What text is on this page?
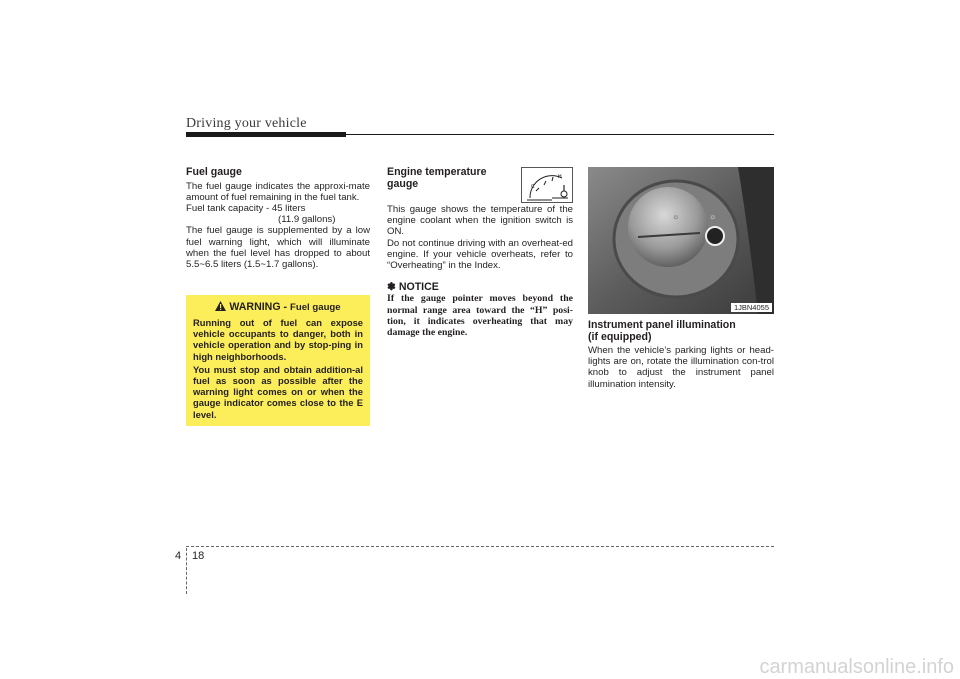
Driving your vehicle

Fuel gauge

The fuel gauge indicates the approxi-mate amount of fuel remaining in the fuel tank.

Fuel tank capacity - 45 liters

(11.9 gallons)

The fuel gauge is supplemented by a low fuel warning light, which will illuminate when the fuel level has dropped to about 5.5~6.5 liters (1.5~1.7 gallons).

WARNING - Fuel gauge

Running out of fuel can expose vehicle occupants to danger, both in vehicle operation and by stop-ping in high neighborhoods.

You must stop and obtain addition-al fuel as soon as possible after the warning light comes on or when the gauge indicator comes close to the E level.

C
H

Engine temperature

gauge

This gauge shows the temperature of the engine coolant when the ignition switch is ON.

Do not continue driving with an overheat-ed engine. If your vehicle overheats, refer to “Overheating” in the Index.

✽ NOTICE

If the gauge pointer moves beyond the normal range area toward the “H” posi-tion, it indicates overheating that may damage the engine.

☼	☼
1JBN4055

Instrument panel illumination

(if equipped)

When the vehicle’s parking lights or head-lights are on, rotate the illumination con-trol knob to adjust the instrument panel illumination intensity.

4 18
carmanualsonline.info
